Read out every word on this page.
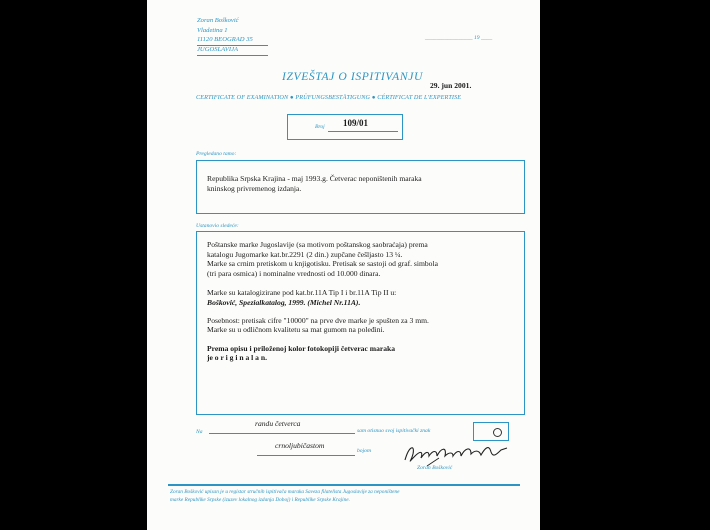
Zoran Bošković
Vladetina 1
11120 BEOGRAD 35
JUGOSLAVIJA
_________________ 19 ____
IZVEŠTAJ O ISPITIVANJU
29. jun 2001.
CERTIFICATE OF EXAMINATION ● PRÜFUNGSBESTÄTIGUNG ● CÉRTIFICAT DE L'EXPERTISE
Broj 109/01
Pregledano tamo:

Republika Srpska Krajina - maj 1993.g. Četverac neponištenih maraka

kninskog privremenog izdanja.

Ustanovio sledeće:

Poštanske marke Jugoslavije (sa motivom poštanskog saobraćaja) prema

katalogu Jugomarke kat.br.2291 (2 din.) zupčane češljasto 13 ¼.

Marke sa crnim pretiskom u knjigotisku. Pretisak se sastoji od graf. simbola

(tri para osmica) i nominalne vrednosti od 10.000 dinara.

Marke su katalogizirane pod kat.br.11A Tip I i br.11A Tip II u:

Bošković, Spezialkatalog, 1999. (Michel Nr.11A).

Posebnost: pretisak cifre "10000" na prve dve marke je spušten za 3 mm.

Marke su u odličnom kvalitetu sa mat gumom na poleđini.

Prema opisu i priloženoj kolor fotokopiji četverac maraka

je o r i g i n a l a n.

Na
randu četverca
sam otisnuo svoj ispitivački znak
crnoljubičastom
bojom
Zoran Bošković
Zoran Bošković upisan je u registar stručnih ispitivača maraka Saveza filatelista Jugoslavije za neponištene
marke Republike Srpske (izuzev lokalnog izdanja Doboj) i Republike Srpske Krajine.
